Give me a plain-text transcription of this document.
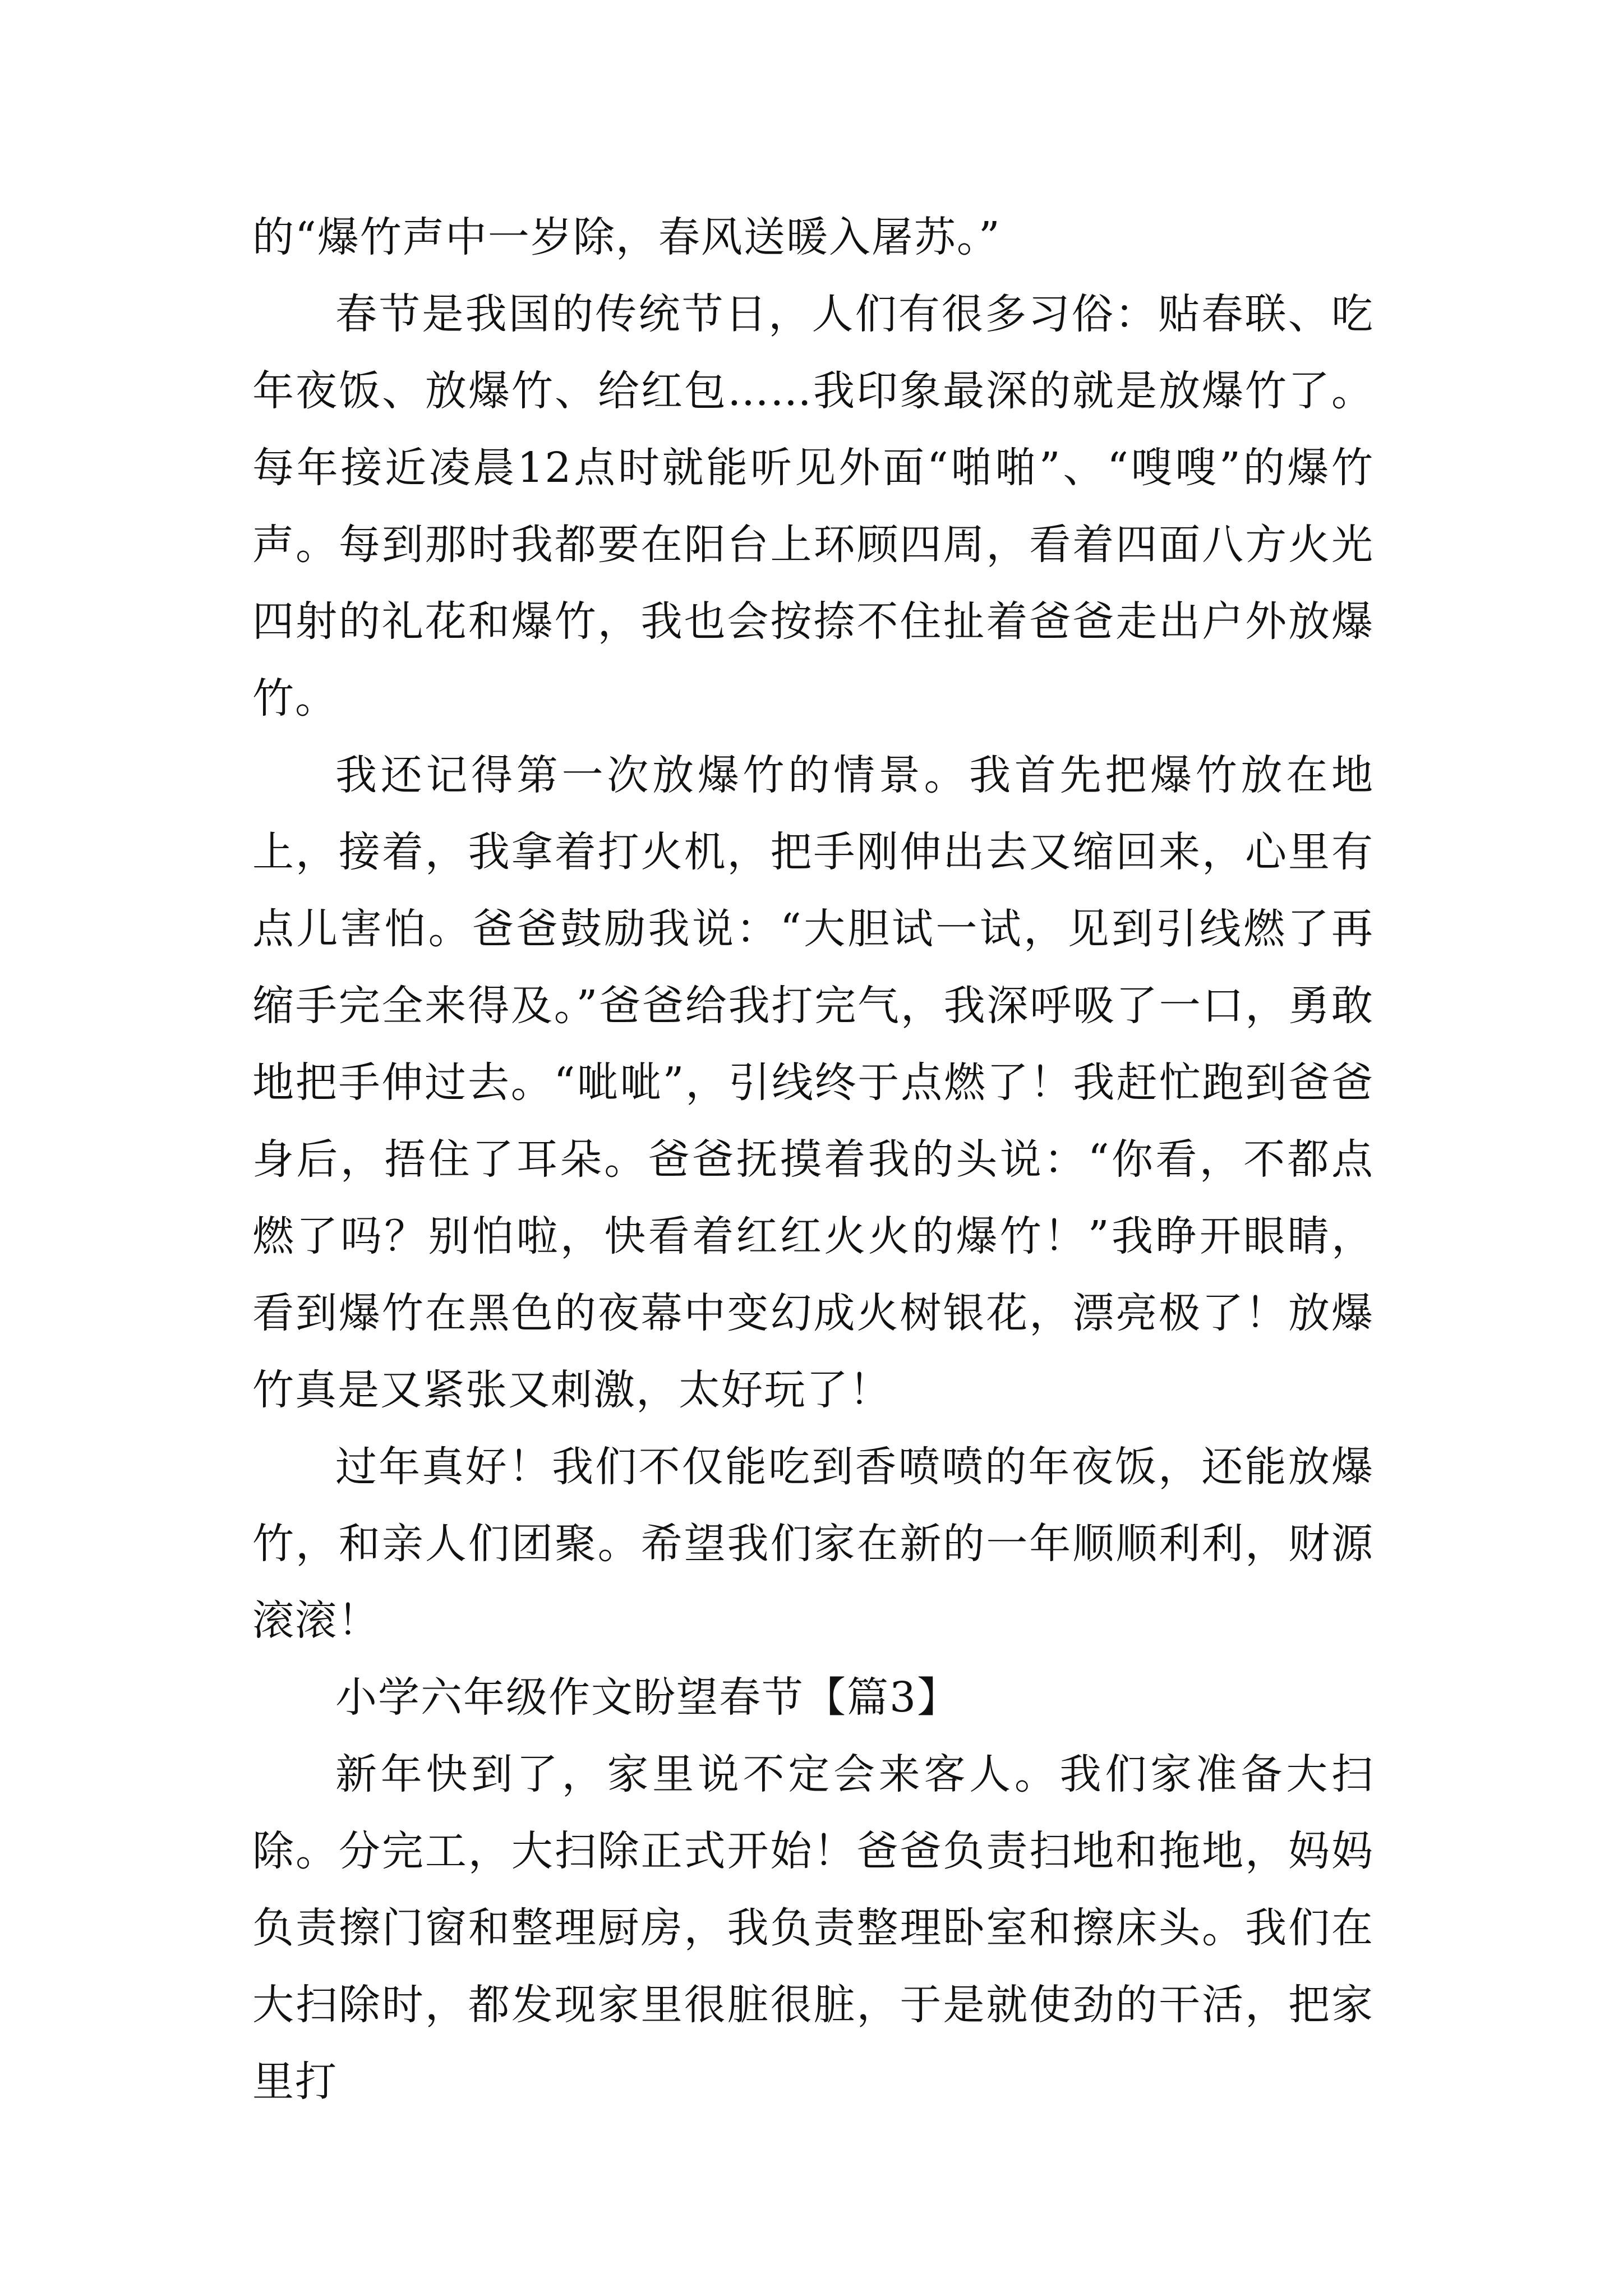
的“爆竹声中一岁除，春风送暖入屠苏。”

春节是我国的传统节日，人们有很多习俗：贴春联、吃年夜饭、放爆竹、给红包……我印象最深的就是放爆竹了。每年接近凌晨12点时就能听见外面“啪啪”、“嗖嗖”的爆竹声。每到那时我都要在阳台上环顾四周，看着四面八方火光四射的礼花和爆竹，我也会按捺不住扯着爸爸走出户外放爆竹。

我还记得第一次放爆竹的情景。我首先把爆竹放在地上，接着，我拿着打火机，把手刚伸出去又缩回来，心里有点儿害怕。爸爸鼓励我说：“大胆试一试，见到引线燃了再缩手完全来得及。”爸爸给我打完气，我深呼吸了一口，勇敢地把手伸过去。“呲呲”，引线终于点燃了！我赶忙跑到爸爸身后，捂住了耳朵。爸爸抚摸着我的头说：“你看，不都点燃了吗？别怕啦，快看着红红火火的爆竹！”我睁开眼睛，看到爆竹在黑色的夜幕中变幻成火树银花，漂亮极了！放爆竹真是又紧张又刺激，太好玩了！

过年真好！我们不仅能吃到香喷喷的年夜饭，还能放爆竹，和亲人们团聚。希望我们家在新的一年顺顺利利，财源滚滚！

小学六年级作文盼望春节【篇3】

新年快到了，家里说不定会来客人。我们家准备大扫除。分完工，大扫除正式开始！爸爸负责扫地和拖地，妈妈负责擦门窗和整理厨房，我负责整理卧室和擦床头。我们在大扫除时，都发现家里很脏很脏，于是就使劲的干活，把家里打
